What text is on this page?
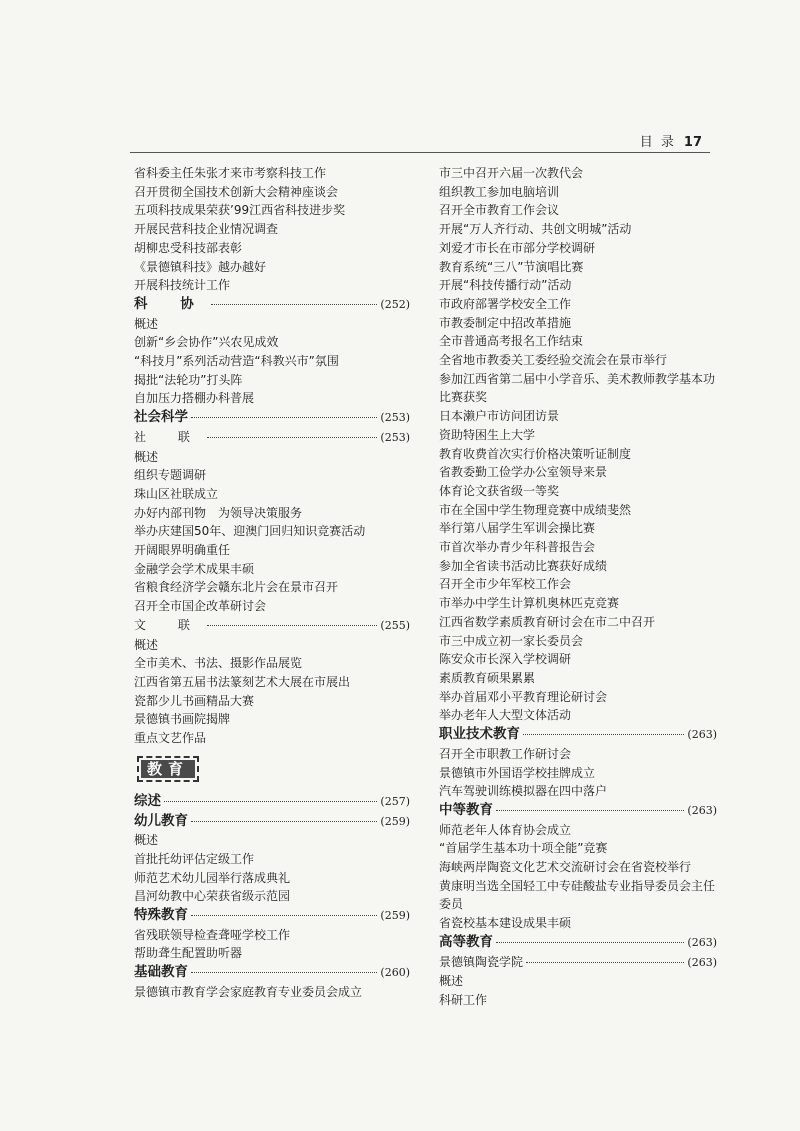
目 录 17
省科委主任朱张才来市考察科技工作
召开贯彻全国技术创新大会精神座谈会
五项科技成果荣获’99江西省科技进步奖
开展民营科技企业情况调查
胡柳忠受科技部表彰
《景德镇科技》越办越好
开展科技统计工作
科 协	(252)
概述
创新“乡会协作”兴农见成效
“科技月”系列活动营造“科教兴市”氛围
揭批“法轮功”打头阵
自加压力搭棚办科普展
社会科学	(253)
社 联	(253)
概述
组织专题调研
珠山区社联成立
办好内部刊物　为领导决策服务
举办庆建国50年、迎澳门回归知识竞赛活动
开阔眼界明确重任
金融学会学术成果丰硕
省粮食经济学会赣东北片会在景市召开
召开全市国企改革研讨会
文 联	(255)
概述
全市美术、书法、摄影作品展览
江西省第五届书法篆刻艺术大展在市展出
瓷都少儿书画精品大赛
景德镇书画院揭牌
重点文艺作品
教育
综述	(257)
幼儿教育	(259)
概述
首批托幼评估定级工作
师范艺术幼儿园举行落成典礼
昌河幼教中心荣获省级示范园
特殊教育	(259)
省残联领导检查聋哑学校工作
帮助聋生配置助听器
基础教育	(260)
景德镇市教育学会家庭教育专业委员会成立
市三中召开六届一次教代会
组织教工参加电脑培训
召开全市教育工作会议
开展“万人齐行动、共创文明城”活动
刘爱才市长在市部分学校调研
教育系统“三八”节演唱比赛
开展“科技传播行动”活动
市政府部署学校安全工作
市教委制定中招改革措施
全市普通高考报名工作结束
全省地市教委关工委经验交流会在景市举行
参加江西省第二届中小学音乐、美术教师教学基本功比赛获奖
日本濑户市访问团访景
资助特困生上大学
教育收费首次实行价格决策听证制度
省教委勤工俭学办公室领导来景
体育论文获省级一等奖
市在全国中学生物理竞赛中成绩斐然
举行第八届学生军训会操比赛
市首次举办青少年科普报告会
参加全省读书活动比赛获好成绩
召开全市少年军校工作会
市举办中学生计算机奥林匹克竞赛
江西省数学素质教育研讨会在市二中召开
市三中成立初一家长委员会
陈安众市长深入学校调研
素质教育硕果累累
举办首届邓小平教育理论研讨会
举办老年人大型文体活动
职业技术教育	(263)
召开全市职教工作研讨会
景德镇市外国语学校挂牌成立
汽车驾驶训练模拟器在四中落户
中等教育	(263)
师范老年人体育协会成立
“首届学生基本功十项全能”竞赛
海峡两岸陶瓷文化艺术交流研讨会在省瓷校举行
黄康明当选全国轻工中专硅酸盐专业指导委员会主任委员
省瓷校基本建设成果丰硕
高等教育	(263)
景德镇陶瓷学院	(263)
概述
科研工作
